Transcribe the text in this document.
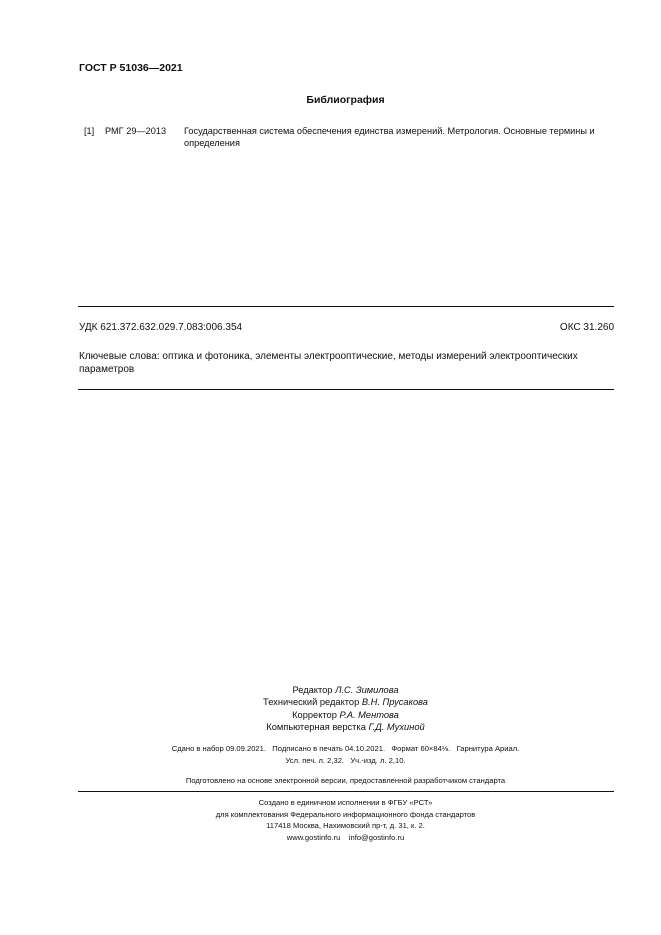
ГОСТ Р 51036—2021
Библиография
[1] РМГ 29—2013 Государственная система обеспечения единства измерений. Метрология. Основные термины и определения
УДК 621.372.632.029.7.083:006.354	ОКС 31.260
Ключевые слова: оптика и фотоника, элементы электрооптические, методы измерений электрооптических параметров
Редактор Л.С. Зимилова
Технический редактор В.Н. Прусакова
Корректор Р.А. Ментова
Компьютерная верстка Г.Д. Мухиной
Сдано в набор 09.09.2021.   Подписано в печать 04.10.2021.   Формат 60×84⅛.   Гарнитура Ариал.
Усл. печ. л. 2,32.   Уч.-изд. л. 2,10.
Подготовлено на основе электронной версии, предоставленной разработчиком стандарта
Создано в единичном исполнении в ФГБУ «РСТ»
для комплектования Федерального информационного фонда стандартов
117418 Москва, Нахимовский пр-т, д. 31, к. 2.
www.gostinfo.ru    info@gostinfo.ru
